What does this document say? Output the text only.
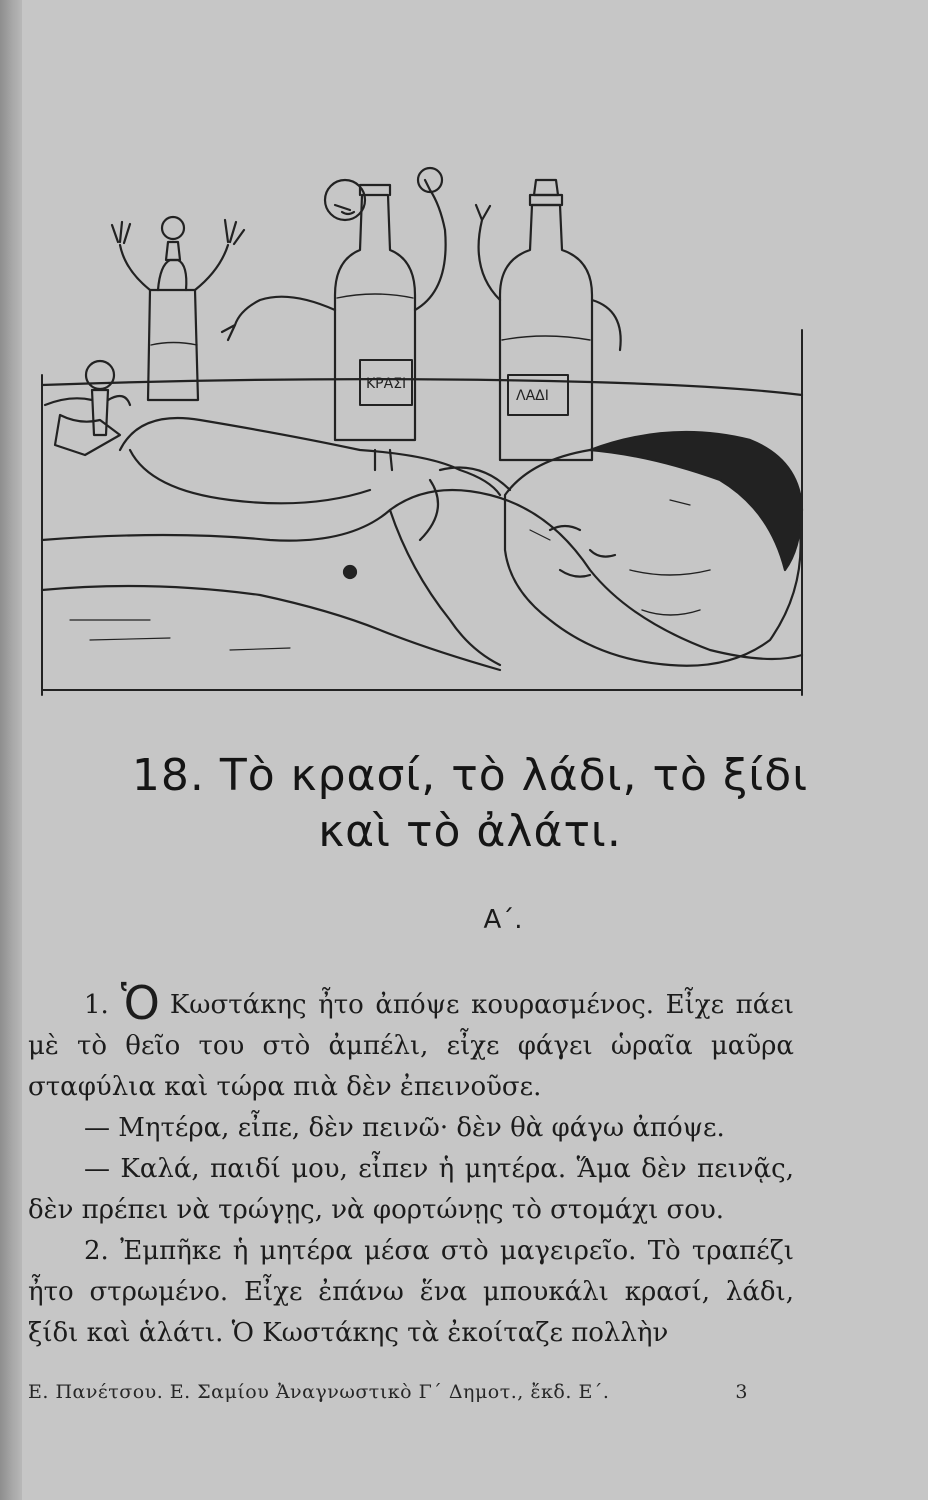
ΚΡΑΣΙ
ΛΑΔΙ
18. Τὸ κρασί, τὸ λάδι, τὸ ξίδι
καὶ τὸ ἀλάτι.
Α΄.

1. Ὁ Κωστάκης ἦτο ἀπόψε κουρασμένος. Εἶχε πάει μὲ τὸ θεῖο του στὸ ἀμπέλι, εἶχε φάγει ὡραῖα μαῦρα σταφύλια καὶ τώρα πιὰ δὲν ἐπεινοῦσε.

— Μητέρα, εἶπε, δὲν πεινῶ· δὲν θὰ φάγω ἀπόψε.

— Καλά, παιδί μου, εἶπεν ἡ μητέρα. Ἅμα δὲν πεινᾷς, δὲν πρέπει νὰ τρώγῃς, νὰ φορτώνῃς τὸ στομάχι σου.

2. Ἐμπῆκε ἡ μητέρα μέσα στὸ μαγειρεῖο. Τὸ τραπέζι ἦτο στρωμένο. Εἶχε ἐπάνω ἕνα μπουκάλι κρασί, λάδι, ξίδι καὶ ἁλάτι. Ὁ Κωστάκης τὰ ἐκοίταζε πολλὴν

Ε. Πανέτσου. Ε. Σαμίου Ἀναγνωστικὸ Γ΄ Δημοτ., ἔκδ. Ε΄.	3
